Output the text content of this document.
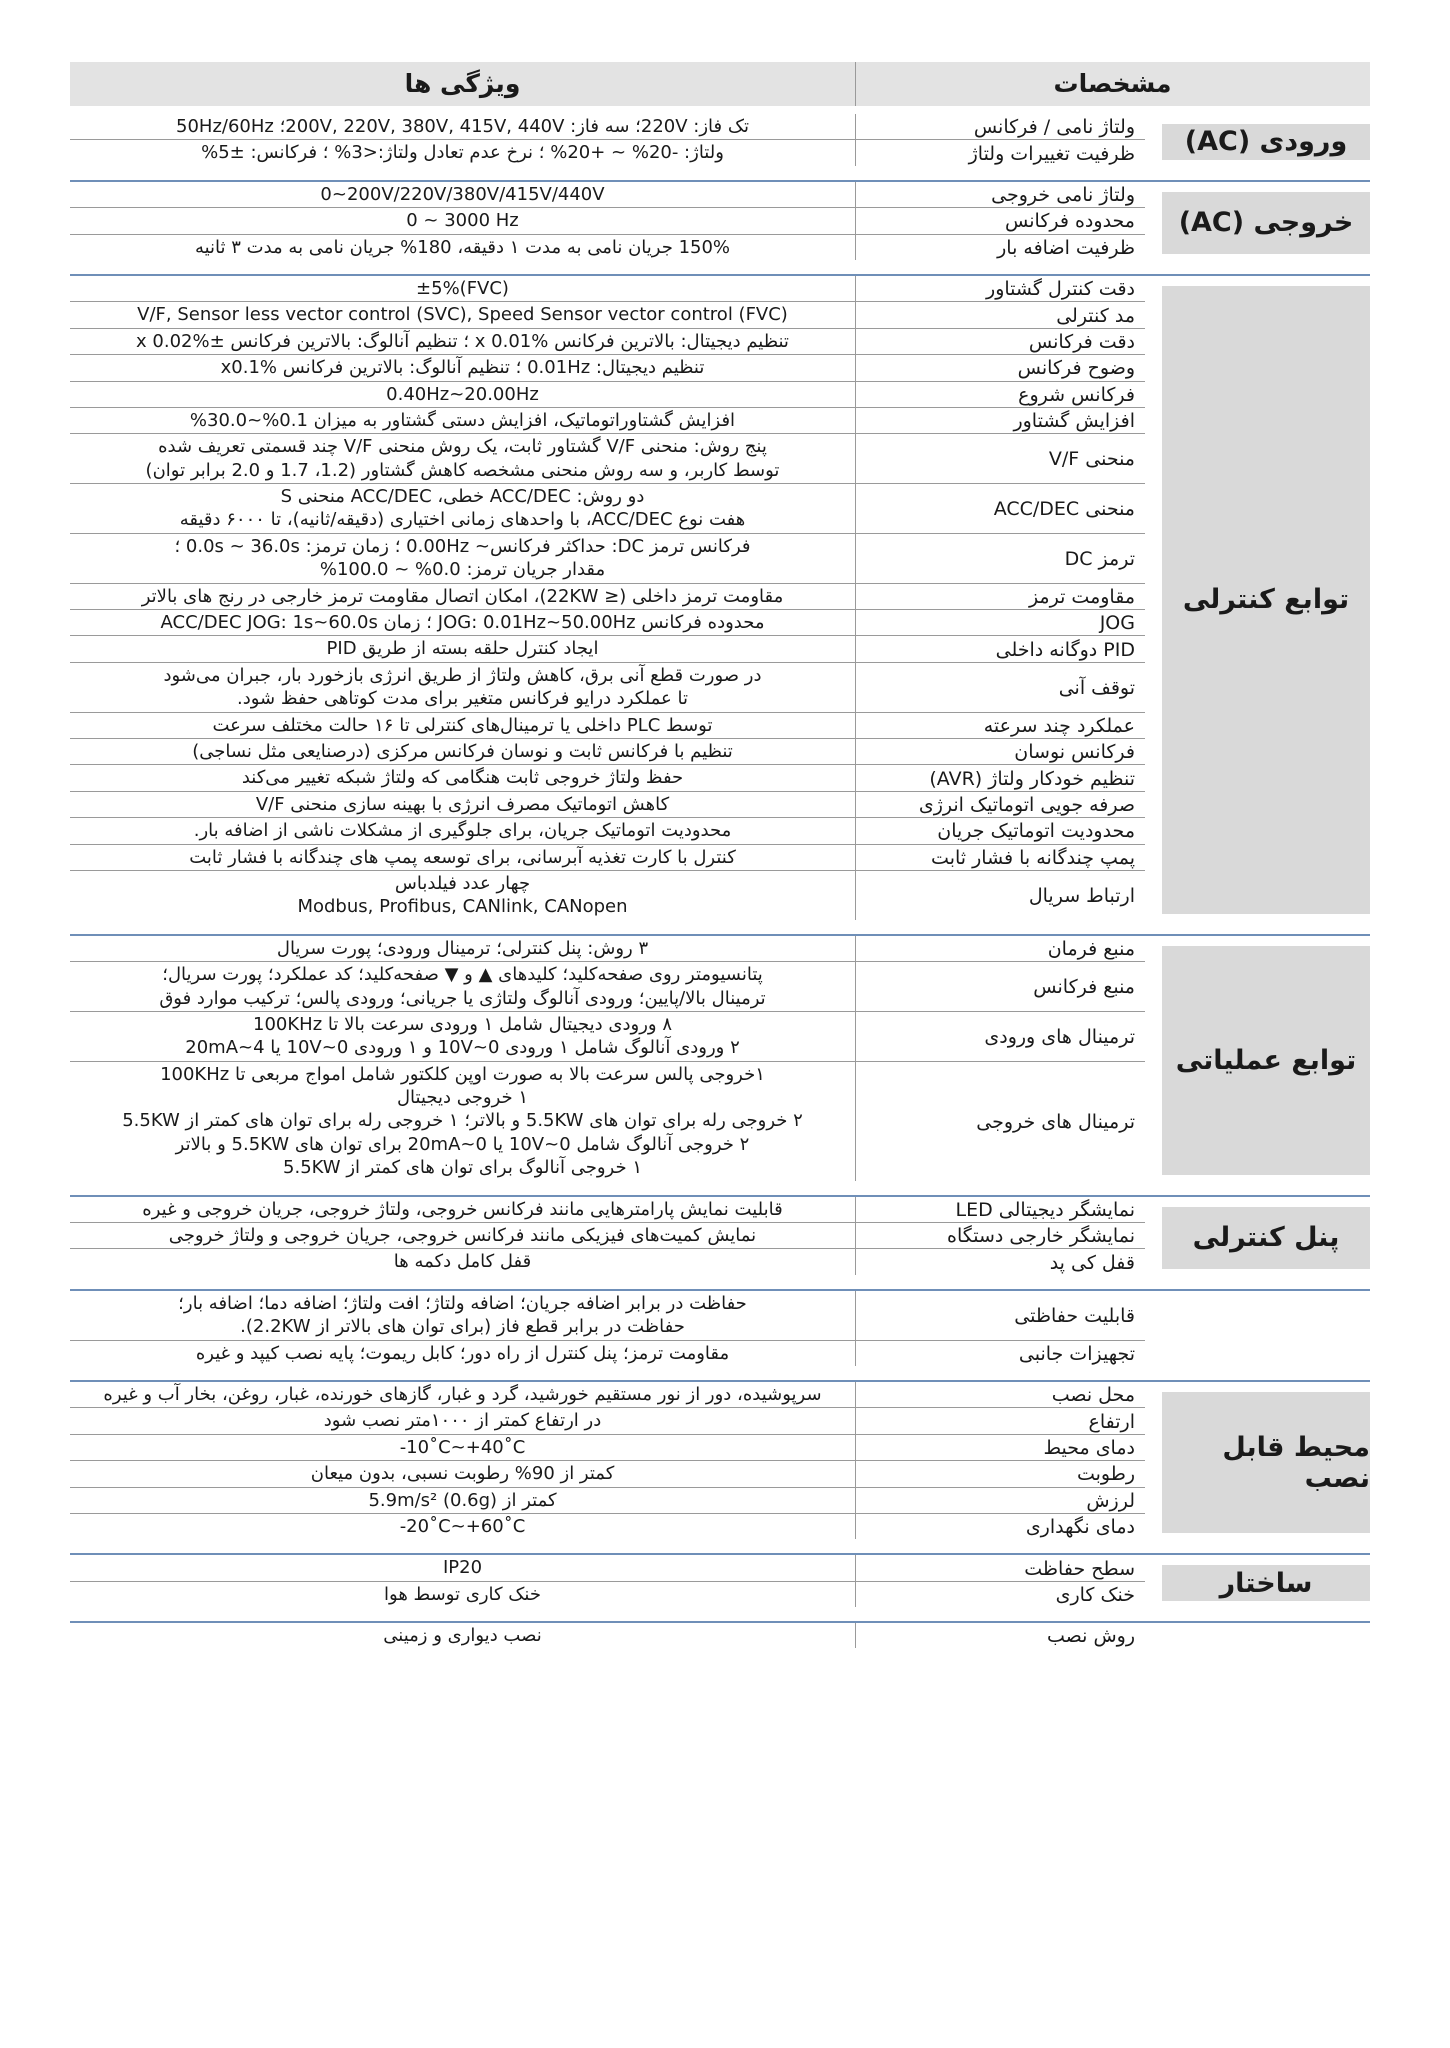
مشخصات
ویژگی ها
ورودی (AC)
ولتاژ نامی / فرکانس
تک فاز: 220V؛ سه فاز: 200V, 220V, 380V, 415V, 440V؛ 50Hz/60Hz
ظرفیت تغییرات ولتاژ
ولتاژ: -20% ~ +20% ؛ نرخ عدم تعادل ولتاژ:<3% ؛ فرکانس: ±5%
خروجی (AC)
ولتاژ نامی خروجی
0~200V/220V/380V/415V/440V
محدوده فرکانس
0 ~ 3000 Hz
ظرفیت اضافه بار
150% جریان نامی به مدت ۱ دقیقه، 180% جریان نامی به مدت ۳ ثانیه
توابع کنترلی
دقت کنترل گشتاور
±5%(FVC)
مد کنترلی
V/F, Sensor less vector control (SVC), Speed Sensor vector control (FVC)
دقت فرکانس
تنظیم دیجیتال: بالاترین فرکانس x 0.01% ؛ تنظیم آنالوگ: بالاترین فرکانس x 0.02%±
وضوح فرکانس
تنظیم دیجیتال: 0.01Hz ؛ تنظیم آنالوگ: بالاترین فرکانس x0.1%
فرکانس شروع
0.40Hz~20.00Hz
افزایش گشتاور
افزایش گشتاوراتوماتیک، افزایش دستی گشتاور به میزان 0.1%~30.0%
منحنی V/F
پنج روش: منحنی V/F گشتاور ثابت، یک روش منحنی V/F چند قسمتی تعریف شده
توسط کاربر، و سه روش منحنی مشخصه کاهش گشتاور (1.2، 1.7 و 2.0 برابر توان)
منحنی ACC/DEC
دو روش: ACC/DEC خطی، ACC/DEC منحنی S
هفت نوع ACC/DEC، با واحدهای زمانی اختیاری (دقیقه/ثانیه)، تا ۶۰۰۰ دقیقه
ترمز DC
فرکانس ترمز DC: حداکثر فرکانس~ 0.00Hz ؛ زمان ترمز: 0.0s ~ 36.0s ؛
مقدار جریان ترمز: 0.0% ~ 100.0%
مقاومت ترمز
مقاومت ترمز داخلی (≤ 22KW)، امکان اتصال مقاومت ترمز خارجی در رنج های بالاتر
JOG
محدوده فرکانس JOG: 0.01Hz~50.00Hz ؛ زمان ACC/DEC JOG: 1s~60.0s
PID دوگانه داخلی
ایجاد کنترل حلقه بسته از طریق PID
توقف آنی
در صورت قطع آنی برق، کاهش ولتاژ از طریق انرژی بازخورد بار، جبران می‌شود
تا عملکرد درایو فرکانس متغیر برای مدت کوتاهی حفظ شود.
عملکرد چند سرعته
توسط PLC داخلی یا ترمینال‌های کنترلی تا ۱۶ حالت مختلف سرعت
فرکانس نوسان
تنظیم با فرکانس ثابت و نوسان فرکانس مرکزی (درصنایعی مثل نساجی)
تنظیم خودکار ولتاژ (AVR)
حفظ ولتاژ خروجی ثابت هنگامی که ولتاژ شبکه تغییر می‌کند
صرفه جویی اتوماتیک انرژی
کاهش اتوماتیک مصرف انرژی با بهینه سازی منحنی V/F
محدودیت اتوماتیک جریان
محدودیت اتوماتیک جریان، برای جلوگیری از مشکلات ناشی از اضافه بار.
پمپ چندگانه با فشار ثابت
کنترل با کارت تغذیه آبرسانی، برای توسعه پمپ های چندگانه با فشار ثابت
ارتباط سریال
چهار عدد فیلدباس
Modbus, Profibus, CANlink, CANopen
توابع عملیاتی
منبع فرمان
۳ روش: پنل کنترلی؛ ترمینال ورودی؛ پورت سریال
منبع فرکانس
پتانسیومتر روی صفحه‌کلید؛ کلیدهای ▲ و ▼ صفحه‌کلید؛ کد عملکرد؛ پورت سریال؛
ترمینال بالا/پایین؛ ورودی آنالوگ ولتاژی یا جریانی؛ ورودی پالس؛ ترکیب موارد فوق
ترمینال های ورودی
۸ ورودی دیجیتال شامل ۱ ورودی سرعت بالا تا 100KHz
۲ ورودی آنالوگ شامل ۱ ورودی 0~10V و ۱ ورودی 0~10V یا 4~20mA
ترمینال های خروجی
۱خروجی پالس سرعت بالا به صورت اوپن کلکتور شامل امواج مربعی تا 100KHz
۱ خروجی دیجیتال
۲ خروجی رله برای توان های 5.5KW و بالاتر؛ ۱ خروجی رله برای توان های کمتر از 5.5KW
۲ خروجی آنالوگ شامل 0~10V یا 0~20mA برای توان های 5.5KW و بالاتر
۱ خروجی آنالوگ برای توان های کمتر از 5.5KW
پنل کنترلی
نمایشگر دیجیتالی LED
قابلیت نمایش پارامترهایی مانند فرکانس خروجی، ولتاژ خروجی، جریان خروجی و غیره
نمایشگر خارجی دستگاه
نمایش کمیت‌های فیزیکی مانند فرکانس خروجی، جریان خروجی و ولتاژ خروجی
قفل کی پد
قفل کامل دکمه ها
قابلیت حفاظتی
حفاظت در برابر اضافه جریان؛ اضافه ولتاژ؛ افت ولتاژ؛ اضافه دما؛ اضافه بار؛
حفاظت در برابر قطع فاز (برای توان های بالاتر از 2.2KW).
تجهیزات جانبی
مقاومت ترمز؛ پنل کنترل از راه دور؛ کابل ریموت؛ پایه نصب کیپد و غیره
محیط قابل نصب
محل نصب
سرپوشیده، دور از نور مستقیم خورشید، گرد و غبار، گازهای خورنده، غبار، روغن، بخار آب و غیره
ارتفاع
در ارتفاع کمتر از ۱۰۰۰متر نصب شود
دمای محیط
-10˚C~+40˚C
رطوبت
کمتر از 90% رطوبت نسبی، بدون میعان
لرزش
کمتر از 5.9m/s² (0.6g)
دمای نگهداری
-20˚C~+60˚C
ساختار
سطح حفاظت
IP20
خنک کاری
خنک کاری توسط هوا
روش نصب
نصب دیواری و زمینی
